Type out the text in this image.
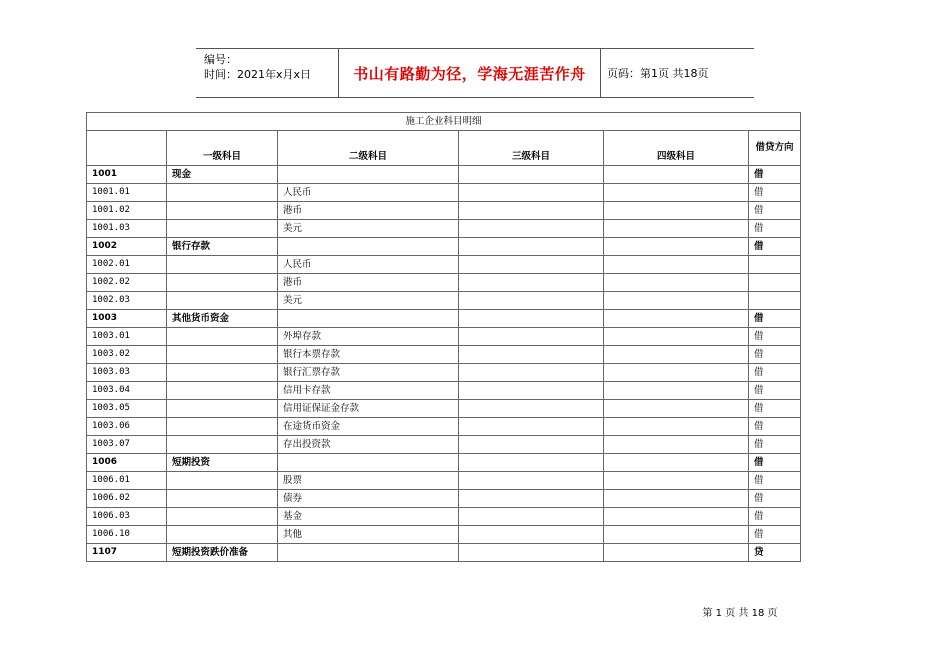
编号：
时间：2021年x月x日	书山有路勤为径，学海无涯苦作舟 页码：第1页 共18页
施工企业科目明细					
	一级科目	二级科目	三级科目	四级科目	借贷方向
1001	现金				借
1001.01		人民币			借
1001.02		港币			借
1001.03		美元			借
1002	银行存款				借
1002.01		人民币			
1002.02		港币			
1002.03		美元			
1003	其他货币资金				借
1003.01		外埠存款			借
1003.02		银行本票存款			借
1003.03		银行汇票存款			借
1003.04		信用卡存款			借
1003.05		信用证保证金存款			借
1003.06		在途货币资金			借
1003.07		存出投资款			借
1006	短期投资				借
1006.01		股票			借
1006.02		债券			借
1006.03		基金			借
1006.10		其他			借
1107	短期投资跌价准备				贷
第 1 页 共 18 页
